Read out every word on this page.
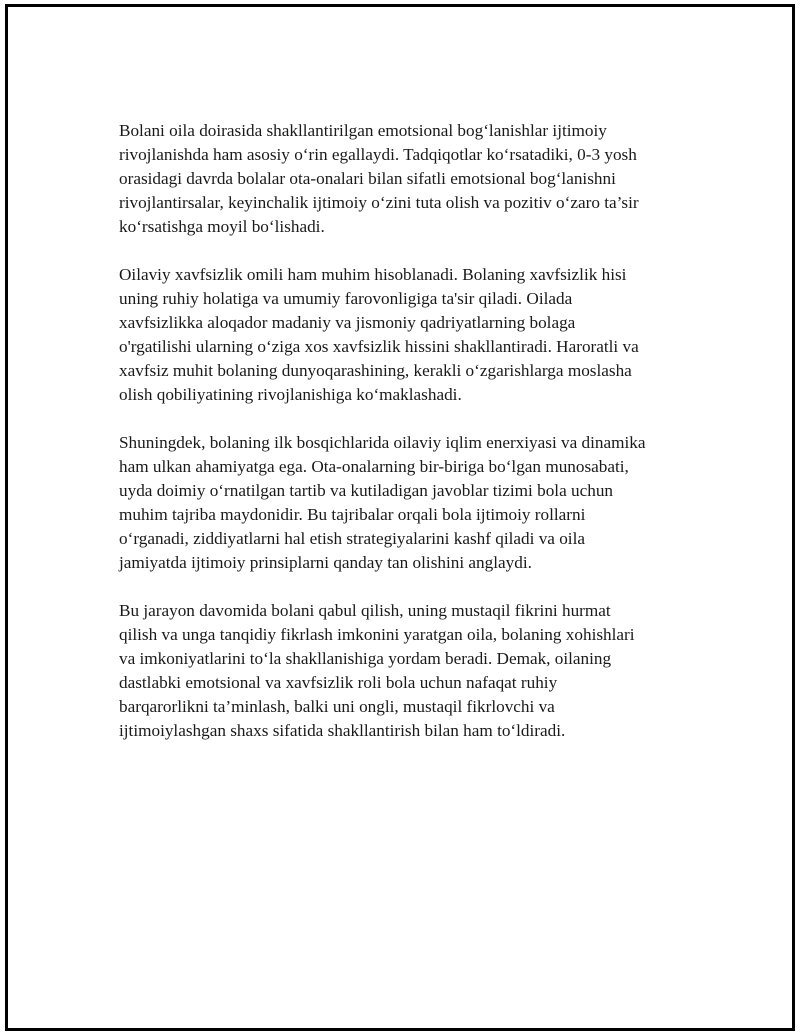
Bolani oila doirasida shakllantirilgan emotsional bog‘lanishlar ijtimoiy
rivojlanishda ham asosiy o‘rin egallaydi. Tadqiqotlar ko‘rsatadiki, 0-3 yosh
orasidagi davrda bolalar ota-onalari bilan sifatli emotsional bog‘lanishni
rivojlantirsalar, keyinchalik ijtimoiy o‘zini tuta olish va pozitiv o‘zaro ta’sir
ko‘rsatishga moyil bo‘lishadi.

Oilaviy xavfsizlik omili ham muhim hisoblanadi. Bolaning xavfsizlik hisi
uning ruhiy holatiga va umumiy farovonligiga ta'sir qiladi. Oilada
xavfsizlikka aloqador madaniy va jismoniy qadriyatlarning bolaga
o'rgatilishi ularning o‘ziga xos xavfsizlik hissini shakllantiradi. Haroratli va
xavfsiz muhit bolaning dunyoqarashining, kerakli o‘zgarishlarga moslasha
olish qobiliyatining rivojlanishiga ko‘maklashadi.

Shuningdek, bolaning ilk bosqichlarida oilaviy iqlim enerxiyasi va dinamika
ham ulkan ahamiyatga ega. Ota-onalarning bir-biriga bo‘lgan munosabati,
uyda doimiy o‘rnatilgan tartib va kutiladigan javoblar tizimi bola uchun
muhim tajriba maydonidir. Bu tajribalar orqali bola ijtimoiy rollarni
o‘rganadi, ziddiyatlarni hal etish strategiyalarini kashf qiladi va oila
jamiyatda ijtimoiy prinsiplarni qanday tan olishini anglaydi.

Bu jarayon davomida bolani qabul qilish, uning mustaqil fikrini hurmat
qilish va unga tanqidiy fikrlash imkonini yaratgan oila, bolaning xohishlari
va imkoniyatlarini to‘la shakllanishiga yordam beradi. Demak, oilaning
dastlabki emotsional va xavfsizlik roli bola uchun nafaqat ruhiy
barqarorlikni ta’minlash, balki uni ongli, mustaqil fikrlovchi va
ijtimoiylashgan shaxs sifatida shakllantirish bilan ham to‘ldiradi.
